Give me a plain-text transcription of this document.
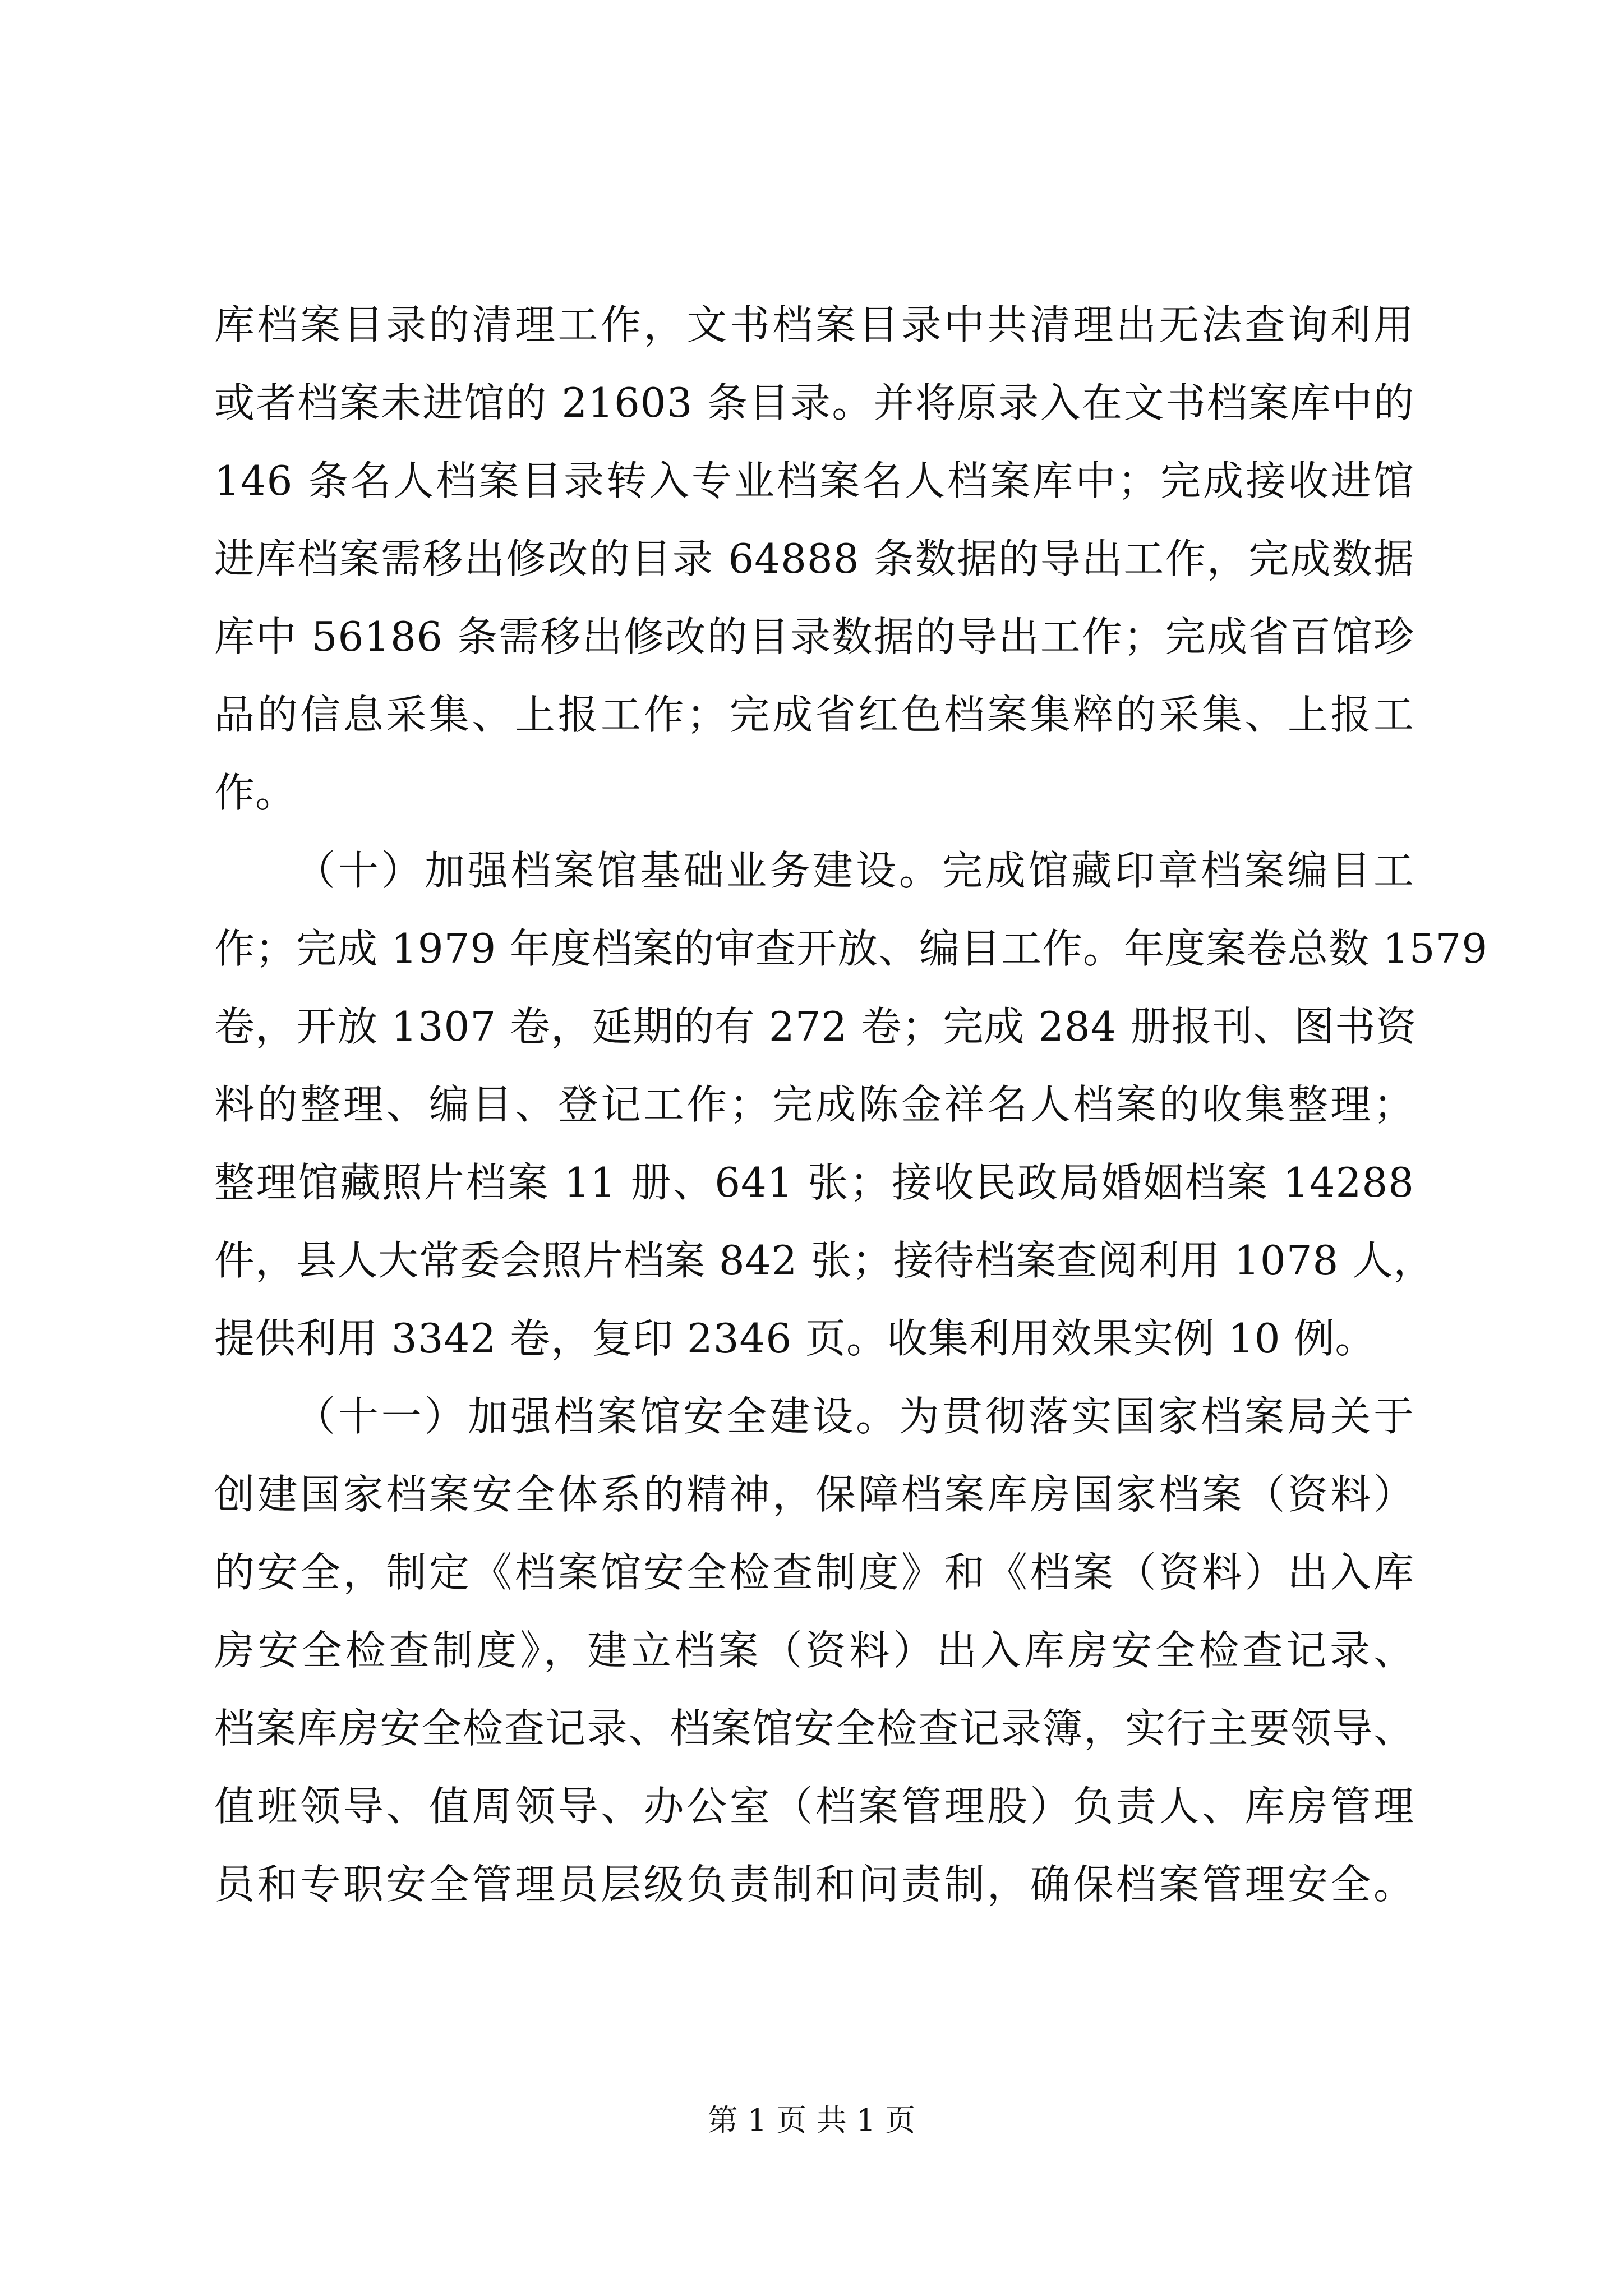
库档案目录的清理工作，文书档案目录中共清理出无法查询利用

或者档案未进馆的 21603 条目录。并将原录入在文书档案库中的

146 条名人档案目录转入专业档案名人档案库中；完成接收进馆

进库档案需移出修改的目录 64888 条数据的导出工作，完成数据

库中 56186 条需移出修改的目录数据的导出工作；完成省百馆珍

品的信息采集、上报工作；完成省红色档案集粹的采集、上报工

作。

（十）加强档案馆基础业务建设。完成馆藏印章档案编目工

作；完成 1979 年度档案的审查开放、编目工作。年度案卷总数 1579

卷，开放 1307 卷，延期的有 272 卷；完成 284 册报刊、图书资

料的整理、编目、登记工作；完成陈金祥名人档案的收集整理；

整理馆藏照片档案 11 册、641 张；接收民政局婚姻档案 14288

件，县人大常委会照片档案 842 张；接待档案查阅利用 1078 人，

提供利用 3342 卷，复印 2346 页。收集利用效果实例 10 例。

（十一）加强档案馆安全建设。为贯彻落实国家档案局关于

创建国家档案安全体系的精神，保障档案库房国家档案（资料）

的安全，制定《档案馆安全检查制度》和《档案（资料）出入库

房安全检查制度》，建立档案（资料）出入库房安全检查记录、

档案库房安全检查记录、档案馆安全检查记录簿，实行主要领导、

值班领导、值周领导、办公室（档案管理股）负责人、库房管理

员和专职安全管理员层级负责制和问责制，确保档案管理安全。

第 1 页 共 1 页
